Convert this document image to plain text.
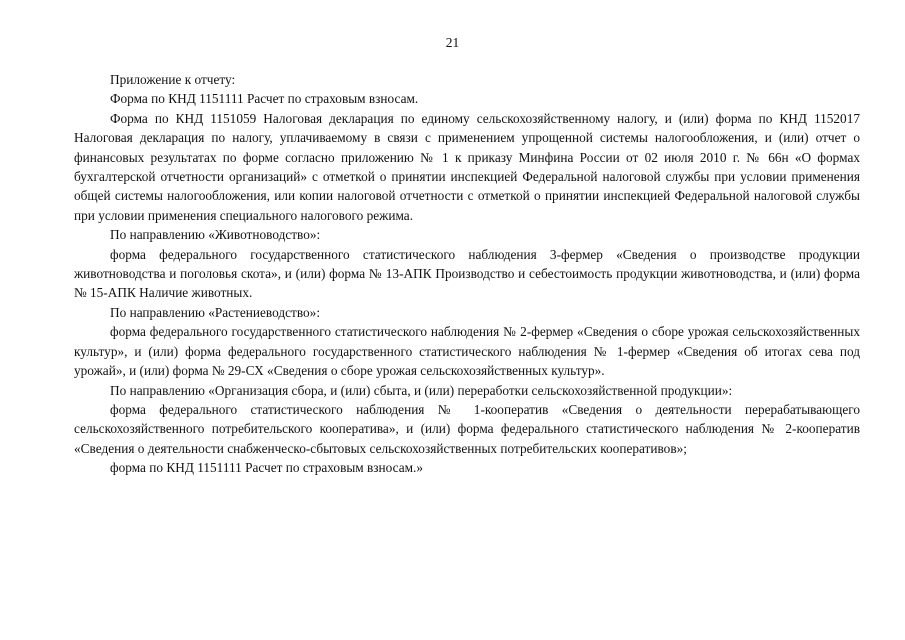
21

Приложение к отчету:

Форма по КНД 1151111 Расчет по страховым взносам.

Форма по КНД 1151059 Налоговая декларация по единому сельскохозяйственному налогу, и (или) форма по КНД 1152017 Налоговая декларация по налогу, уплачиваемому в связи с применением упрощенной системы налогообложения, и (или) отчет о финансовых результатах по форме согласно приложению № 1 к приказу Минфина России от 02 июля 2010 г. № 66н «О формах бухгалтерской отчетности организаций» с отметкой о принятии инспекцией Федеральной налоговой службы при условии применения общей системы налогообложения, или копии налоговой отчетности с отметкой о принятии инспекцией Федеральной налоговой службы при условии применения специального налогового режима.

По направлению «Животноводство»:

форма федерального государственного статистического наблюдения 3-фермер «Сведения о производстве продукции животноводства и поголовья скота», и (или) форма № 13-АПК Производство и себестоимость продукции животноводства, и (или) форма № 15-АПК Наличие животных.

По направлению «Растениеводство»:

форма федерального государственного статистического наблюдения № 2-фермер «Сведения о сборе урожая сельскохозяйственных культур», и (или) форма федерального государственного статистического наблюдения № 1-фермер «Сведения об итогах сева под урожай», и (или) форма № 29-СХ «Сведения о сборе урожая сельскохозяйственных культур».

По направлению «Организация сбора, и (или) сбыта, и (или) переработки сельскохозяйственной продукции»:

форма федерального статистического наблюдения № 1-кооператив «Сведения о деятельности перерабатывающего сельскохозяйственного потребительского кооператива», и (или) форма федерального статистического наблюдения № 2-кооператив «Сведения о деятельности снабженческо-сбытовых сельскохозяйственных потребительских кооперативов»;

форма по КНД 1151111 Расчет по страховым взносам.»
